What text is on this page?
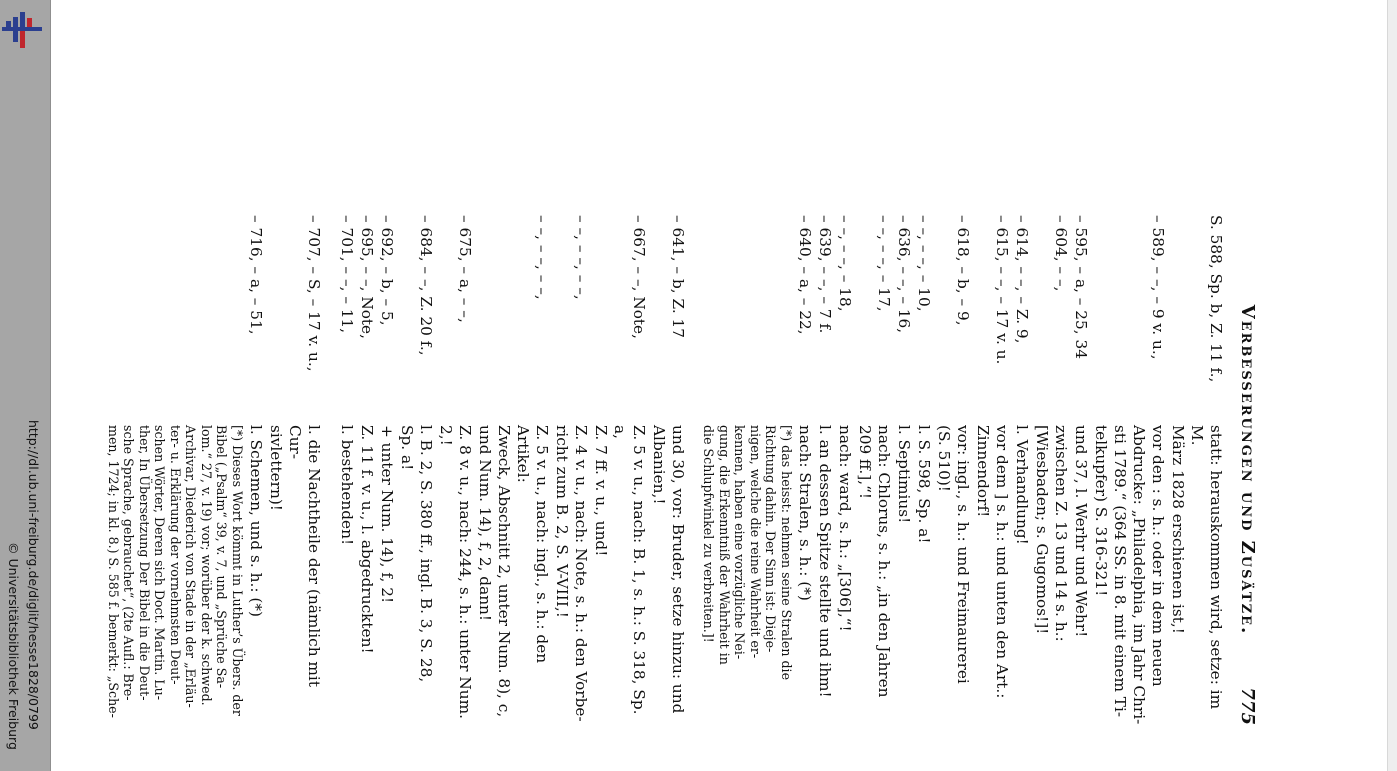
http://dl.ub.uni-freiburg.de/diglit/hesse1828/0799
© Universitätsbibliothek Freiburg
Verbesserungen und Zusätze.
775
S. 588, Sp. b, Z. 11 f.,
statt: herauskommen wird, setze: im M.
März 1828 erschienen ist,!
– 589, – –, – 9 v. u.,
vor den : s. h.: oder in dem neuen
Abdrucke: „Philadelphia, im Jahr Chri-
sti 1789.“ (364 SS. in 8. mit einem Ti-
telkupfer) S. 316-321!
– 595, – a, – 25, 34
und 37, l. Werhr und Wehr!
– 604, – –,
zwischen Z. 13 und 14 s. h.:
[Wiesbaden; s. Gugomos!]!
– 614, – –, – Z. 9,
l. Verhandlung!
– 615, – –, – 17 v. u.
vor dem ] s. h.: und unten den Art.:
Zinnendorf!
– 618, – b, – 9,
vor: ingl., s. h.: und Freimaurerei
(S. 510)!
– –, – –, – 10,
l. S. 598, Sp. a!
– 636, – –, – 16,
l. Septimius!
– –, – –, – 17,
nach: Chlorus, s. h.: „in den Jahren
209 ff.],“!
– –, – –, – 18,
nach: ward, s. h.: „[306],“!
– 639, – –, – 7 f.
l. an dessen Spitze stellte und ihm!
– 640, – a, – 22,
nach: Stralen, s. h.: (*)
[*) das heisst: nehmen seine Stralen die
Richtung dahin. Der Sinn ist: Dieje-
nigen, welche die reine Wahrheit er-
kennen, haben eine vorzügliche Nei-
gung, die Erkenntniß der Wahrheit in
die Schlupfwinkel zu verbreiten.]!
– 641, – b, Z. 17
und 30, vor: Bruder, setze hinzu: und
Albanien,!
– 667, – –, Note,
Z. 5 v. u., nach: B. 1, s. h.: S. 318, Sp. a,
Z. 7 ff. v. u., und!
– –, – –, – –,
Z. 4 v. u., nach: Note, s. h.: den Vorbe-
richt zum B. 2, S. V-VIII,!
– –, – –, – –,
Z. 5 v. u., nach: ingl., s. h.: den Artikel:
Zweck, Abschnitt 2, unter Num. 8), c,
und Num. 14), f, 2, dann!
– 675, – a, – –,
Z. 8 v. u., nach: 244, s. h.: unter Num. 2,!
– 684, – –, Z. 20 f.,
l. B. 2, S. 380 ff., ingl. B. 3, S. 28,
Sp. a!
– 692, – b, – 5,
+ unter Num. 14), f, 2!
– 695, – –, Note,
Z. 11 f. v. u., l. abgedruckten!
– 701, – –, – 11,
l. bestehenden!
– 707, – S, – 17 v. u.,
l. die Nachtheile der (nämlich mit Cur-
sivlettern)!
– 716, – a, – 51,
l. Schemen, und s. h.: (*)
[*) Dieses Wort kömmt in Luther’s Übers. der
Bibel („Psalm“ 39, v. 7, und „Sprüche Sa-
lom.“ 27, v. 19) vor; worüber der k. schwed.
Archivar, Diederich von Stade in der „Erläu-
ter- u. Erklärung der vornehmsten Deut-
schen Wörter, Deren sich Doct. Martin. Lu-
ther, In Übersetzung Der Bibel in die Deut-
sche Sprache, gebrauchet“, (2te Aufl.: Bre-
men, 1724; in kl. 8.) S. 585 f. bemerkt: „Sche-
